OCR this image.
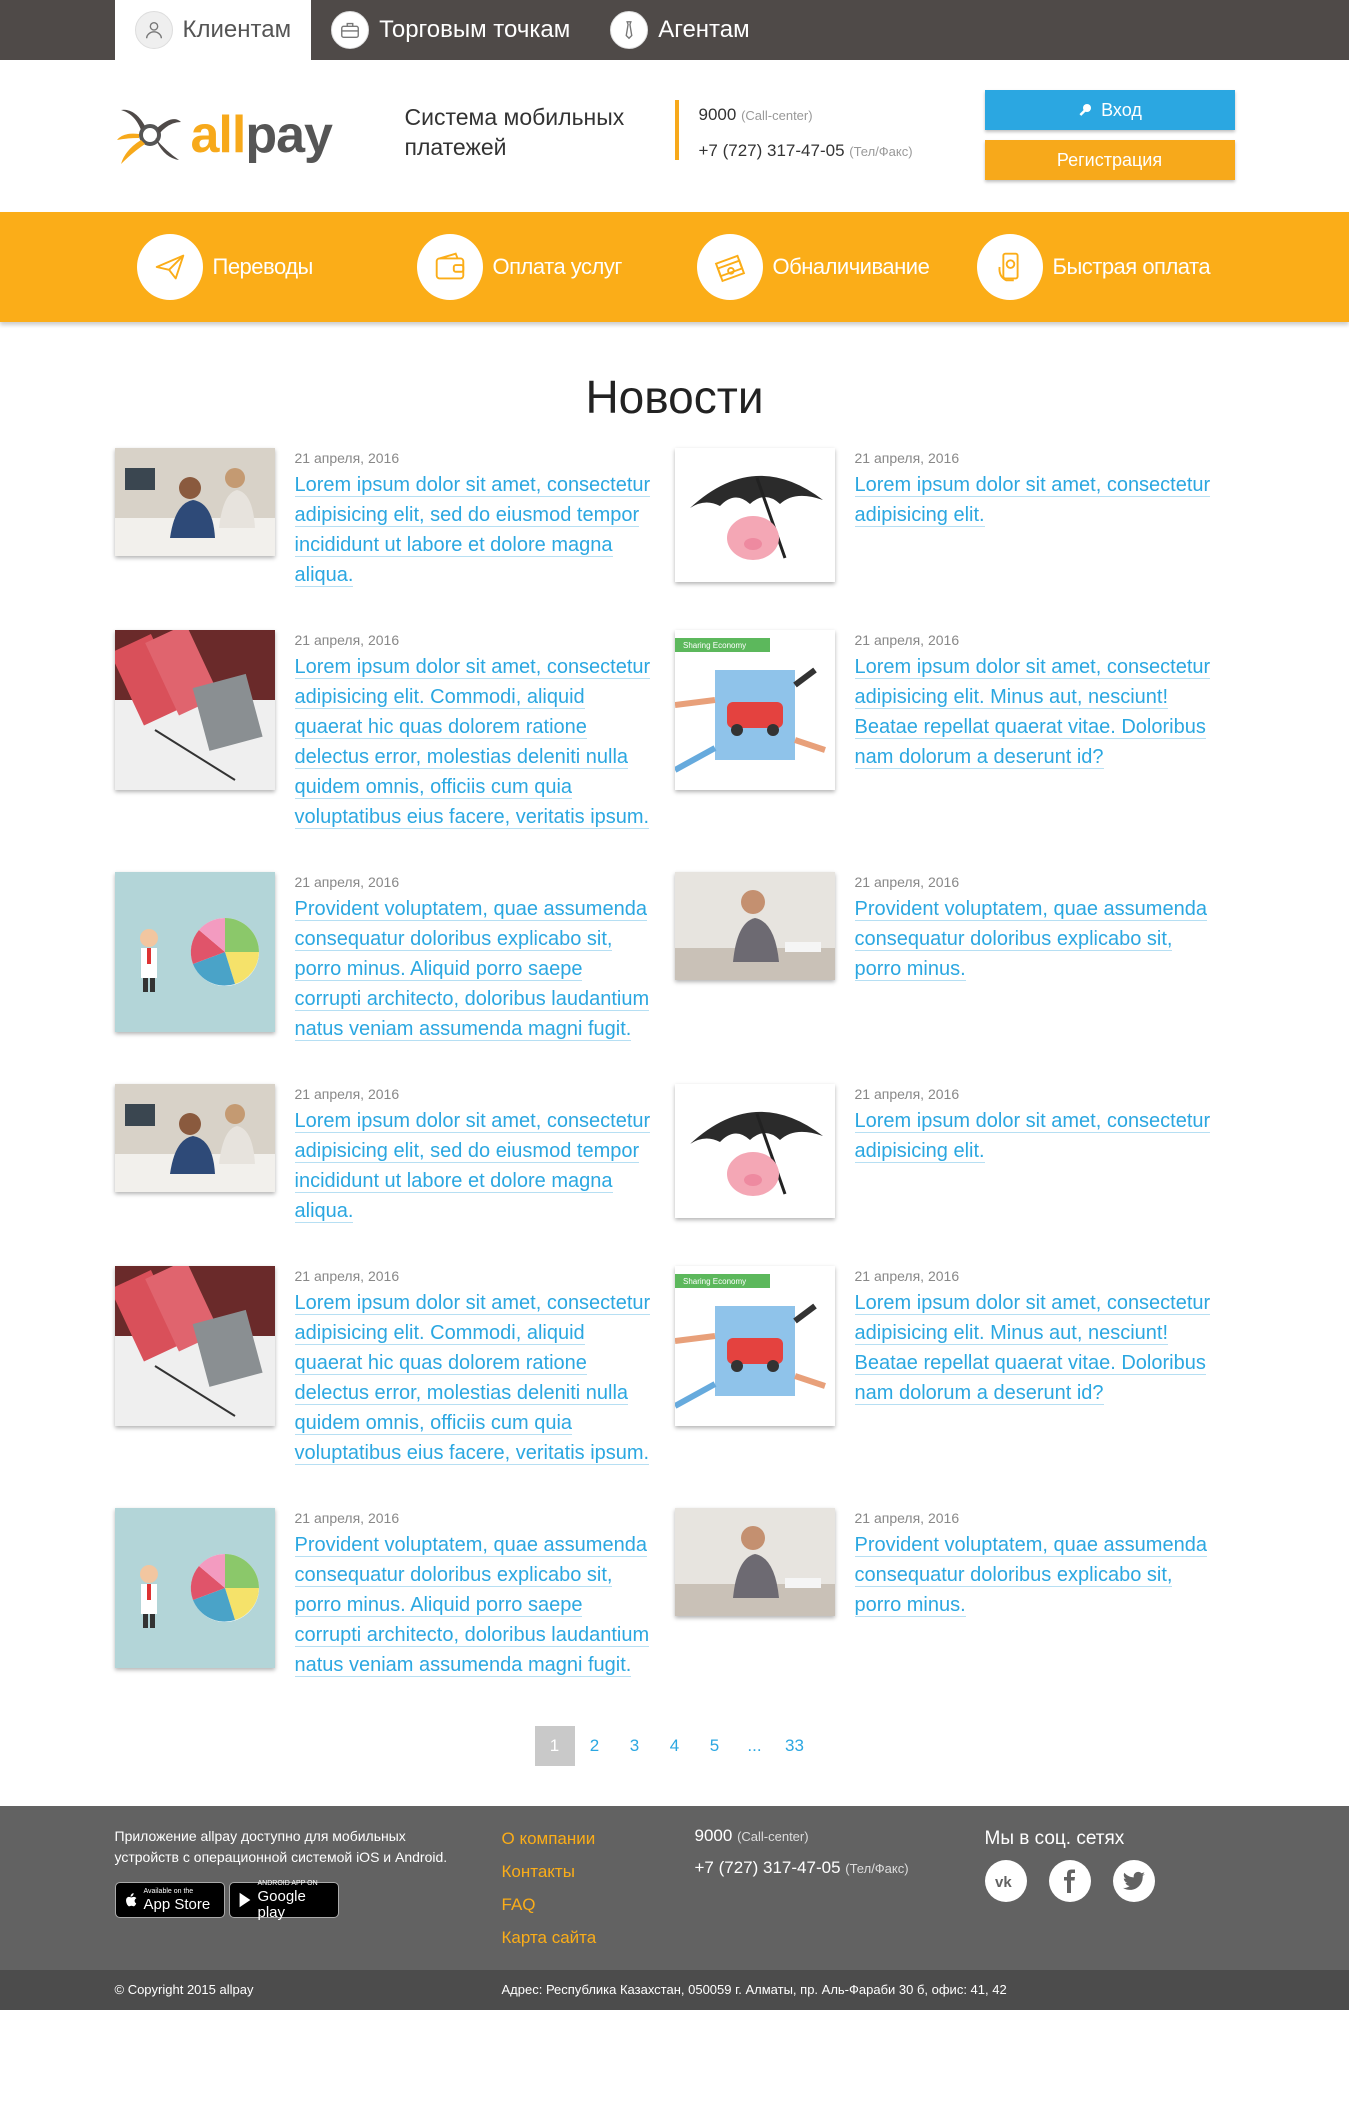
Клиентам	Торговым точкам	Агентам
allpay	Система мобильных платежей
9000 (Call-center)
+7 (727) 317-47-05 (Тел/Факс)
Вход
Регистрация
Переводы	Оплата услуг	Обналичивание	Быстрая оплата
Новости
21 апреля, 2016
Lorem ipsum dolor sit amet, consectetur adipisicing elit, sed do eiusmod tempor incididunt ut labore et dolore magna aliqua.
21 апреля, 2016
Lorem ipsum dolor sit amet, consectetur adipisicing elit.
21 апреля, 2016
Lorem ipsum dolor sit amet, consectetur adipisicing elit. Commodi, aliquid quaerat hic quas dolorem ratione delectus error, molestias deleniti nulla quidem omnis, officiis cum quia voluptatibus eius facere, veritatis ipsum.
Sharing Economy	21 апреля, 2016
Lorem ipsum dolor sit amet, consectetur adipisicing elit. Minus aut, nesciunt! Beatae repellat quaerat vitae. Doloribus nam dolorum a deserunt id?
21 апреля, 2016
Provident voluptatem, quae assumenda consequatur doloribus explicabo sit, porro minus. Aliquid porro saepe corrupti architecto, doloribus laudantium natus veniam assumenda magni fugit.
21 апреля, 2016
Provident voluptatem, quae assumenda consequatur doloribus explicabo sit, porro minus.
21 апреля, 2016
Lorem ipsum dolor sit amet, consectetur adipisicing elit, sed do eiusmod tempor incididunt ut labore et dolore magna aliqua.
21 апреля, 2016
Lorem ipsum dolor sit amet, consectetur adipisicing elit.
21 апреля, 2016
Lorem ipsum dolor sit amet, consectetur adipisicing elit. Commodi, aliquid quaerat hic quas dolorem ratione delectus error, molestias deleniti nulla quidem omnis, officiis cum quia voluptatibus eius facere, veritatis ipsum.
Sharing Economy	21 апреля, 2016
Lorem ipsum dolor sit amet, consectetur adipisicing elit. Minus aut, nesciunt! Beatae repellat quaerat vitae. Doloribus nam dolorum a deserunt id?
21 апреля, 2016
Provident voluptatem, quae assumenda consequatur doloribus explicabo sit, porro minus. Aliquid porro saepe corrupti architecto, doloribus laudantium natus veniam assumenda magni fugit.
21 апреля, 2016
Provident voluptatem, quae assumenda consequatur doloribus explicabo sit, porro minus.
1	2	3	4	5	...	33
Приложение allpay доступно для мобильных устройств с операционной системой iOS и Android.
Available on the
App Store
ANDROID APP ON
Google play
О компании
Контакты
FAQ
Карта сайта
9000 (Call-center)
+7 (727) 317-47-05 (Тел/Факс)
Мы в соц. сетях
vk
© Copyright 2015 allpay	Адрес: Республика Казахстан, 050059 г. Алматы, пр. Аль-Фараби 30 б, офис: 41, 42
